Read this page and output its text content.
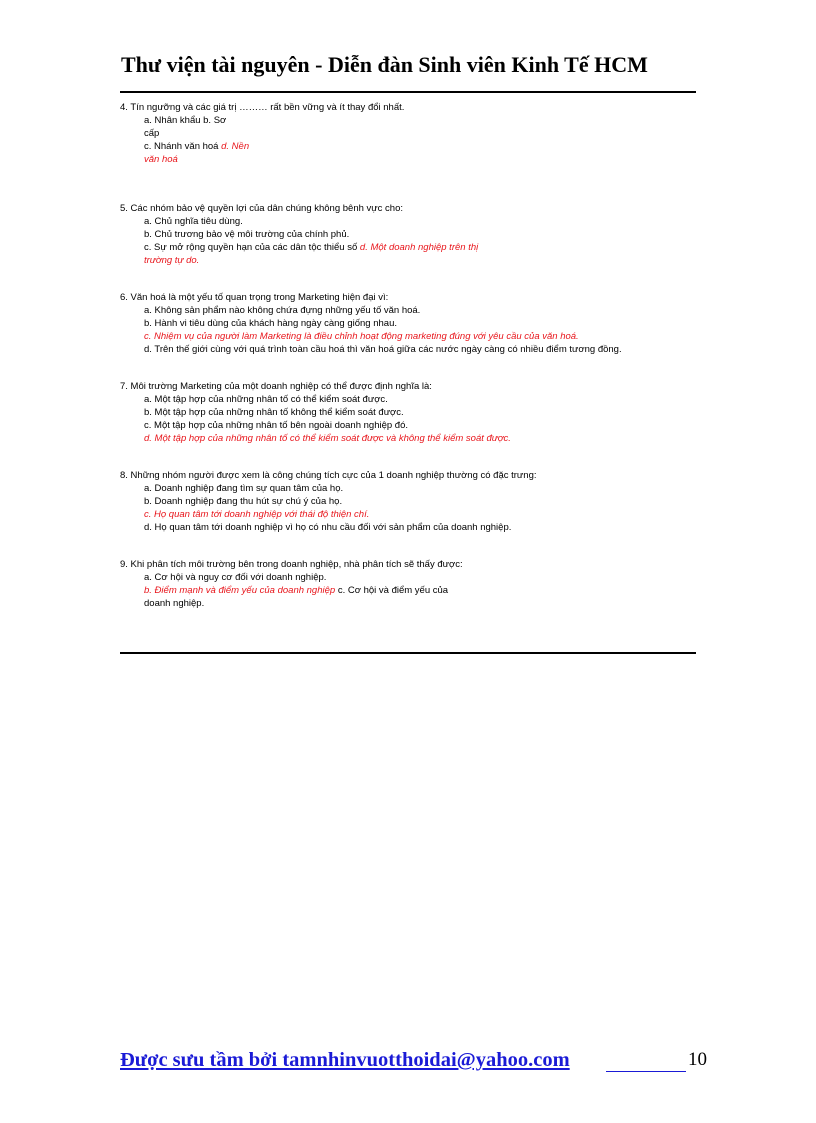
Thư viện tài nguyên - Diễn đàn Sinh viên Kinh Tế HCM
4. Tín ngưỡng và các giá trị ……… rất bền vững và ít thay đổi nhất.
a. Nhân khẩu b. Sơ
cấp
c. Nhánh văn hoá d. Nền
văn hoá
5. Các nhóm bảo vệ quyền lợi của dân chúng không bênh vực cho:
a. Chủ nghĩa tiêu dùng.
b. Chủ trương bảo vệ môi trường của chính phủ.
c. Sự mở rộng quyền hạn của các dân tộc thiểu số d. Một doanh nghiệp trên thị
trường tự do.
6. Văn hoá là một yếu tố quan trọng trong Marketing hiện đại vì:
a. Không sản phẩm nào không chứa đựng những yếu tố văn hoá.
b. Hành vi tiêu dùng của khách hàng ngày càng giống nhau.
c. Nhiệm vụ của người làm Marketing là điều chỉnh hoạt động marketing đúng với yêu cầu của văn hoá.
d. Trên thế giới cùng với quá trình toàn cầu hoá thì văn hoá giữa các nước ngày càng có nhiều điểm tương đồng.
7. Môi trường Marketing của một doanh nghiệp có thể được định nghĩa là:
a. Một tập hợp của những nhân tố có thể kiểm soát được.
b. Một tập hợp của những nhân tố không thể kiểm soát được.
c. Một tập hợp của những nhân tố bên ngoài doanh nghiệp đó.
d. Một tập hợp của những nhân tố có thể kiểm soát được và không thể kiểm soát được.
8. Những nhóm người được xem là công chúng tích cực của 1 doanh nghiệp thường có đặc trưng:
a. Doanh nghiệp đang tìm sự quan tâm của họ.
b. Doanh nghiệp đang thu hút sự chú ý của họ.
c. Họ quan tâm tới doanh nghiệp với thái độ thiện chí.
d. Họ quan tâm tới doanh nghiệp vì họ có nhu cầu đối với sản phẩm của doanh nghiệp.
9. Khi phân tích môi trường bên trong doanh nghiệp, nhà phân tích sẽ thấy được:
a. Cơ hội và nguy cơ đối với doanh nghiệp.
b. Điểm mạnh và điểm yếu của doanh nghiệp c. Cơ hội và điểm yếu của
doanh nghiệp.
Được sưu tầm bởi tamnhinvuotthoidai@yahoo.com	10
